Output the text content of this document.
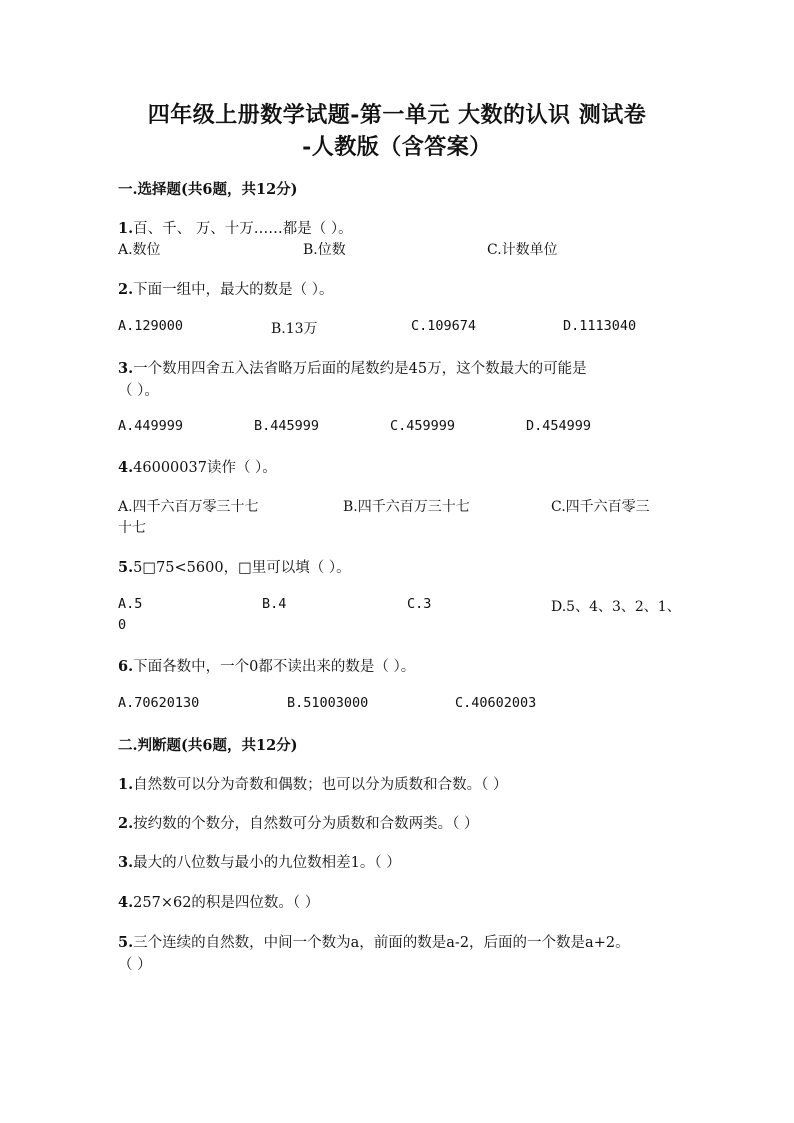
四年级上册数学试题-第一单元 大数的认识 测试卷
-人教版（含答案）
一.选择题(共6题，共12分)
1.百、千、 万、十万……都是（ ）。
A.数位	B.位数	C.计数单位
2.下面一组中，最大的数是（ ）。
A.129000	B.13万	C.109674	D.1113040
3.一个数用四舍五入法省略万后面的尾数约是45万，这个数最大的可能是
（ ）。
A.449999	B.445999	C.459999	D.454999
4.46000037读作（ ）。
A.四千六百万零三十七	B.四千六百万三十七	C.四千六百零三
十七
5.5□75<5600，□里可以填（ ）。
A.5	B.4	C.3	D.5、4、3、2、1、
0
6.下面各数中，一个0都不读出来的数是（ ）。
A.70620130	B.51003000	C.40602003
二.判断题(共6题，共12分)
1.自然数可以分为奇数和偶数；也可以分为质数和合数。（ ）
2.按约数的个数分，自然数可分为质数和合数两类。（ ）
3.最大的八位数与最小的九位数相差1。（ ）
4.257×62的积是四位数。（ ）
5.三个连续的自然数，中间一个数为a，前面的数是a-2，后面的一个数是a+2。
（ ）
